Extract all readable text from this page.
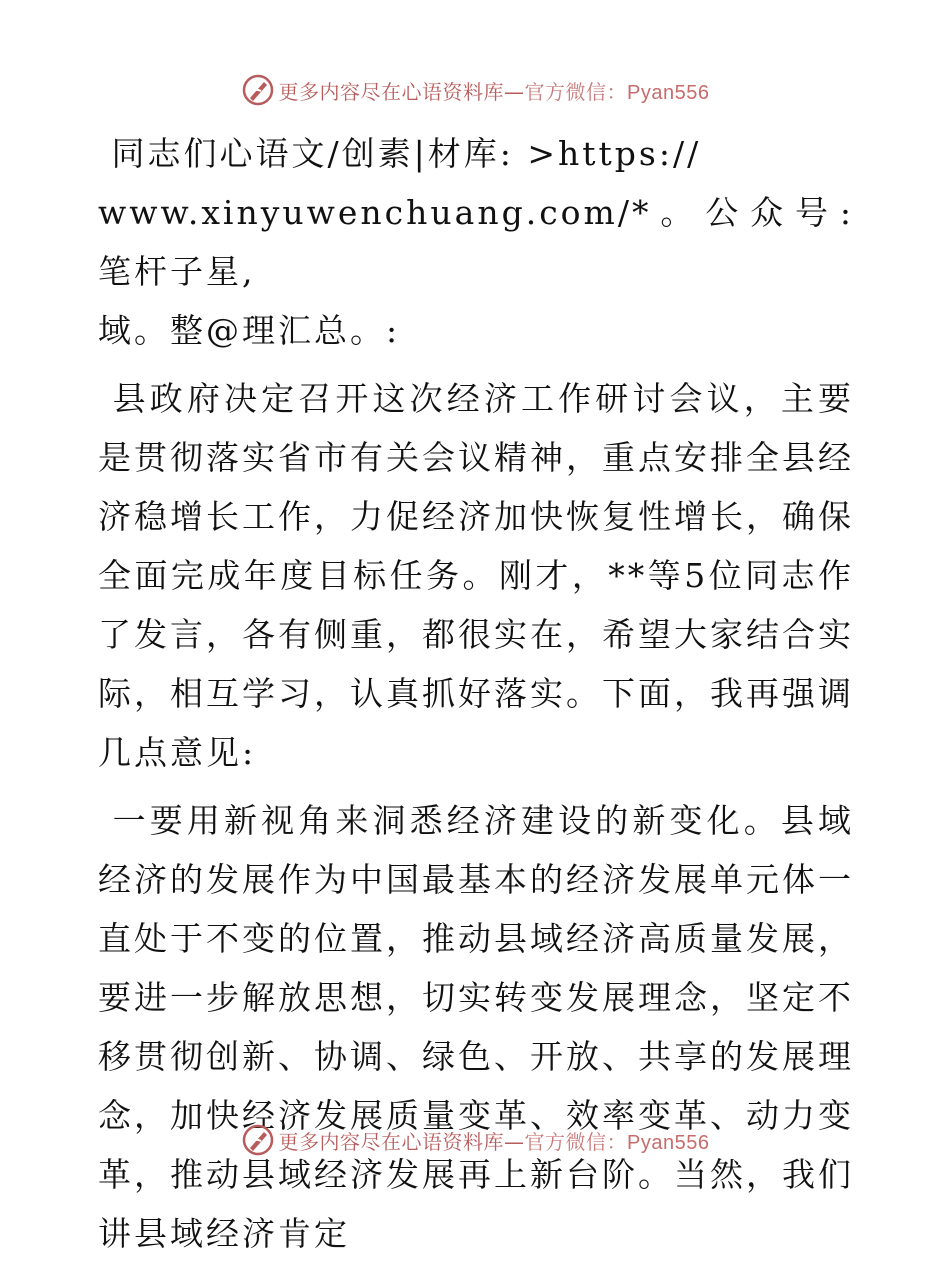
更多内容尽在心语资料库—官方微信：Pyan556

同志们心语文/创素|材库: >https://
www.xinyuwenchuang.com/*。公众号: 笔杆子星,
域。整@理汇总。:

县政府决定召开这次经济工作研讨会议，主要是贯彻落实省市有关会议精神，重点安排全县经济稳增长工作，力促经济加快恢复性增长，确保全面完成年度目标任务。刚才，**等5位同志作了发言，各有侧重，都很实在，希望大家结合实际，相互学习，认真抓好落实。下面，我再强调几点意见:

一要用新视角来洞悉经济建设的新变化。县域经济的发展作为中国最基本的经济发展单元体一直处于不变的位置，推动县域经济高质量发展，要进一步解放思想，切实转变发展理念，坚定不移贯彻创新、协调、绿色、开放、共享的发展理念，加快经济发展质量变革、效率变革、动力变革，推动县域经济发展再上新台阶。当然，我们讲县域经济肯定

更多内容尽在心语资料库—官方微信：Pyan556
